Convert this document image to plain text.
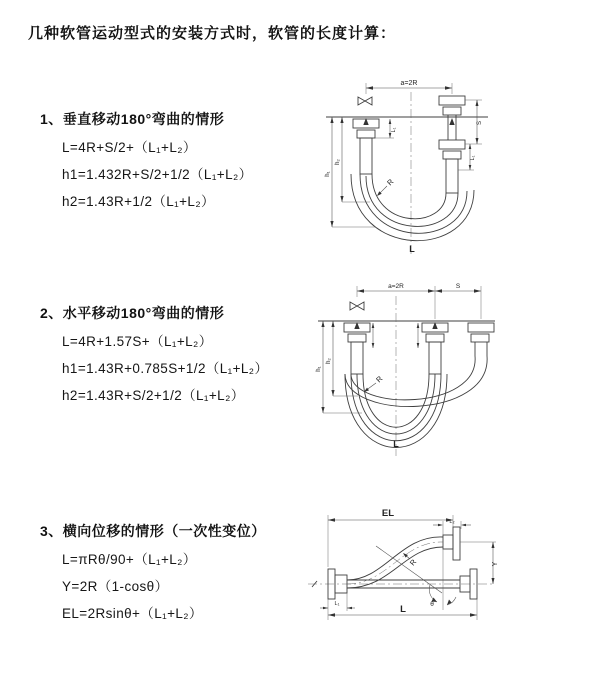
几种软管运动型式的安装方式时，软管的长度计算：
1、垂直移动180°弯曲的情形

L=4R+S/2+（L₁+L₂）

h1=1.432R+S/2+1/2（L₁+L₂）

h2=1.43R+1/2（L₁+L₂）

a=2R
L₁
S
L₁
h₁
h₂
R
L
2、水平移动180°弯曲的情形

L=4R+1.57S+（L₁+L₂）

h1=1.43R+0.785S+1/2（L₁+L₂）

h2=1.43R+S/2+1/2（L₁+L₂）

a=2R	S
h₁
h₂
R
L
3、横向位移的情形（一次性变位）

L=πRθ/90+（L₁+L₂）

Y=2R（1-cosθ）

EL=2Rsinθ+（L₁+L₂）

EL
L₂
θ
R	Y
L₁	L
